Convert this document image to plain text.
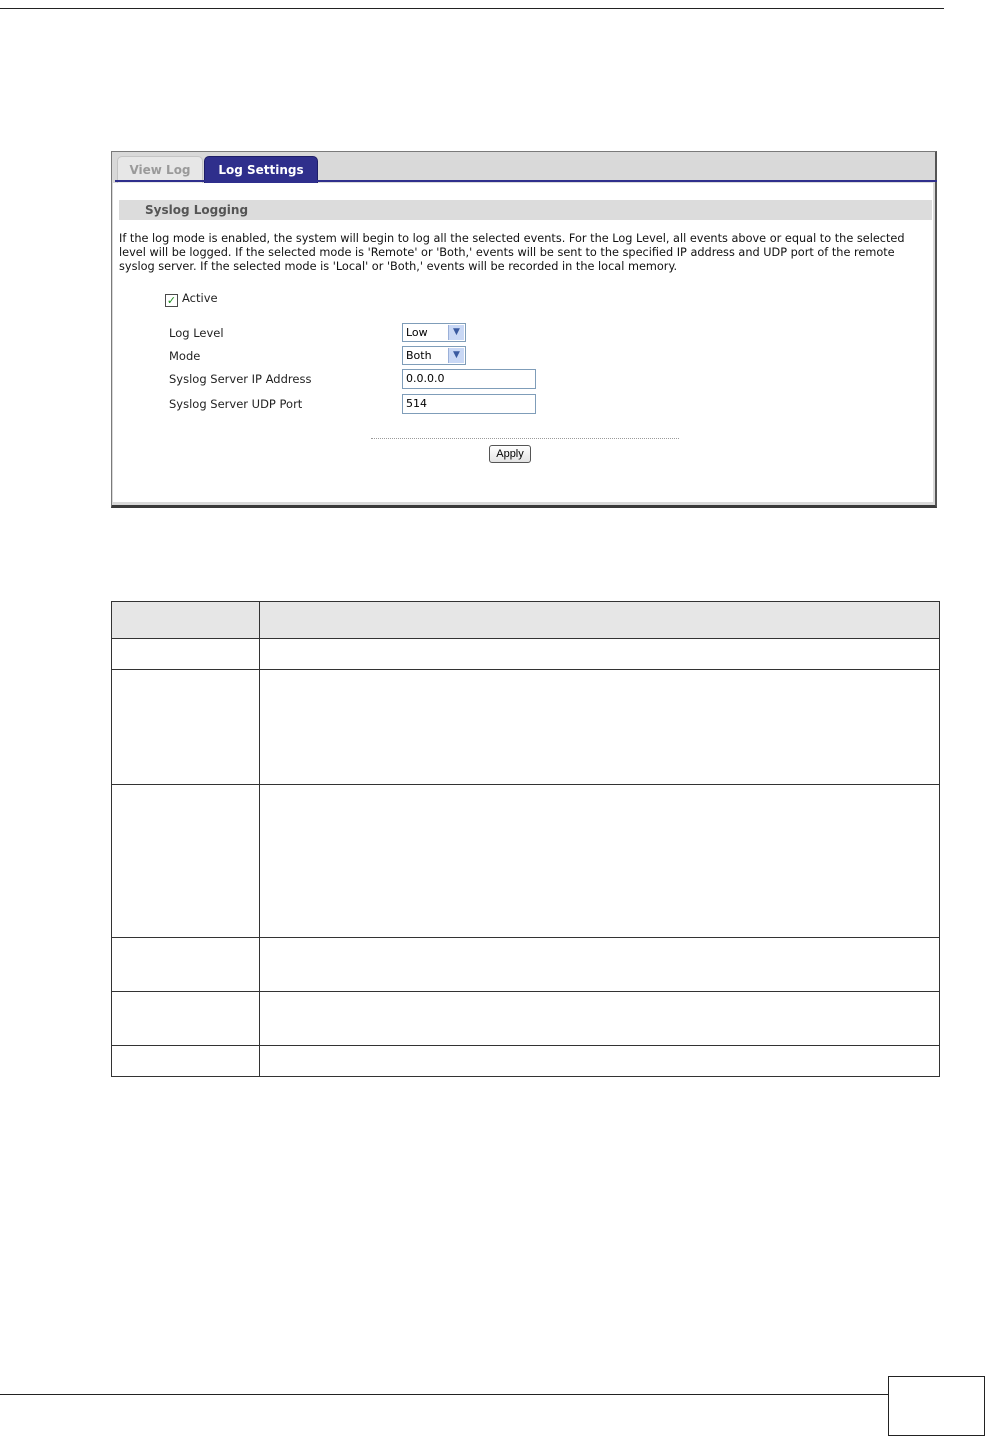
View Log	Log Settings
Syslog Logging
If the log mode is enabled, the system will begin to log all the selected events. For the Log Level, all events above or equal to the selected level will be logged. If the selected mode is 'Remote' or 'Both,' events will be sent to the specified IP address and UDP port of the remote syslog server. If the selected mode is 'Local' or 'Both,' events will be recorded in the local memory.
✓ Active
Log Level	Low	▼
Mode	Both	▼
Syslog Server IP Address	0.0.0.0
Syslog Server UDP Port	514
Apply
